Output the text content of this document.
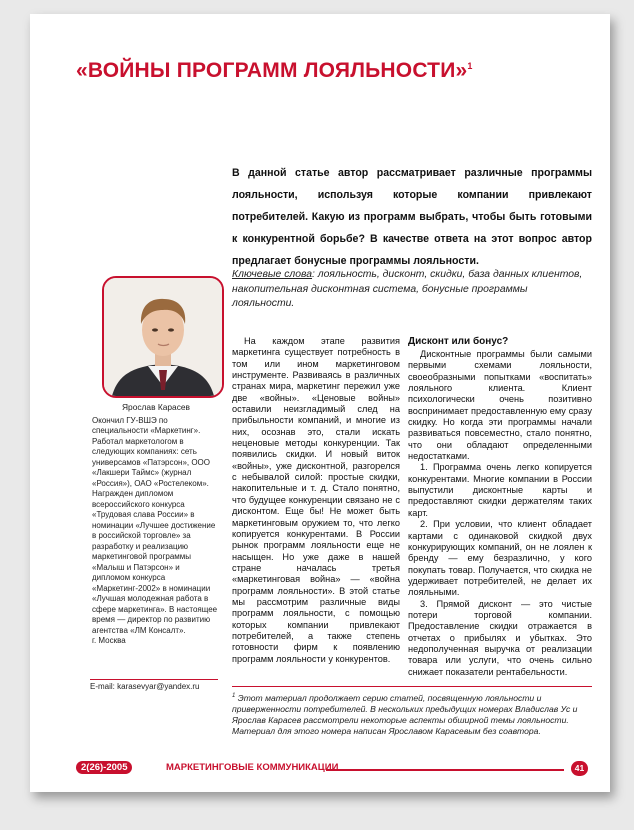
«ВОЙНЫ ПРОГРАММ ЛОЯЛЬНОСТИ»$^1$
В данной статье автор рассматривает различные программы лояльности, используя которые компании привлекают потребителей. Какую из программ выбрать, чтобы быть готовыми к конкурентной борьбе? В качестве ответа на этот вопрос автор предлагает бонусные программы лояльности.
Ключевые слова: лояльность, дисконт, скидки, база данных клиентов, накопительная дисконтная система, бонусные программы лояльности.
Ярослав Карасев
Окончил ГУ-ВШЭ по специальности «Маркетинг». Работал маркетологом в следующих компаниях: сеть универсамов «Патэрсон», ООО «Лакшери Таймс» (журнал «Россия»), ОАО «Ростелеком». Награжден дипломом всероссийского конкурса «Трудовая слава России» в номинации «Лучшее достижение в российской торговле» за разработку и реализацию маркетинговой программы «Малыш и Патэрсон» и дипломом конкурса «Маркетинг-2002» в номинации «Лучшая молодежная работа в сфере маркетинга». В настоящее время — директор по развитию агентства «ЛМ Консалт».
г. Москва
E-mail: karasevyar@yandex.ru

На каждом этапе развития маркетинга существует потребность в том или ином маркетинговом инструменте. Развиваясь в различных странах мира, маркетинг пережил уже две «войны». «Ценовые войны» оставили неизгладимый след на прибыльности компаний, и многие из них, осознав это, стали искать неценовые методы конкуренции. Так появились скидки. И новый виток «войны», уже дисконтной, разгорелся с небывалой силой: простые скидки, накопительные и т. д. Стало понятно, что будущее конкуренции связано не с дисконтом. Еще бы! Не может быть маркетинговым оружием то, что легко копируется конкурентами. В России рынок программ лояльности еще не насыщен. Но уже даже в нашей стране началась третья «маркетинговая война» — «война программ лояльности». В этой статье мы рассмотрим различные виды программ лояльности, с помощью которых компании привлекают потребителей, а также степень готовности фирм к появлению программ лояльности у конкурентов.

Дисконт или бонус?

Дисконтные программы были самыми первыми схемами лояльности, своеобразными попытками «воспитать» лояльного клиента. Клиент психологически очень позитивно воспринимает предоставленную ему сразу скидку. Но когда эти программы начали развиваться повсеместно, стало понятно, что они обладают определенными недостатками.

1. Программа очень легко копируется конкурентами. Многие компании в России выпустили дисконтные карты и предоставляют скидки держателям таких карт.

2. При условии, что клиент обладает картами с одинаковой скидкой двух конкурирующих компаний, он не лоялен к бренду — ему безразлично, у кого покупать товар. Получается, что скидка не удерживает потребителей, не делает их лояльными.

3. Прямой дисконт — это чистые потери торговой компании. Предоставление скидки отражается в отчетах о прибылях и убытках. Это недополученная выручка от реализации товара или услуги, что очень сильно снижает показатели рентабельности.

$^1$ Этот материал продолжает серию статей, посвященную лояльности и приверженности потребителей. В нескольких предыдущих номерах Владислав Ус и Ярослав Карасев рассмотрели некоторые аспекты обширной темы лояльности. Материал для этого номера написан Ярославом Карасевым без соавтора.
2(26)-2005	МАРКЕТИНГОВЫЕ КОММУНИКАЦИИ	41
